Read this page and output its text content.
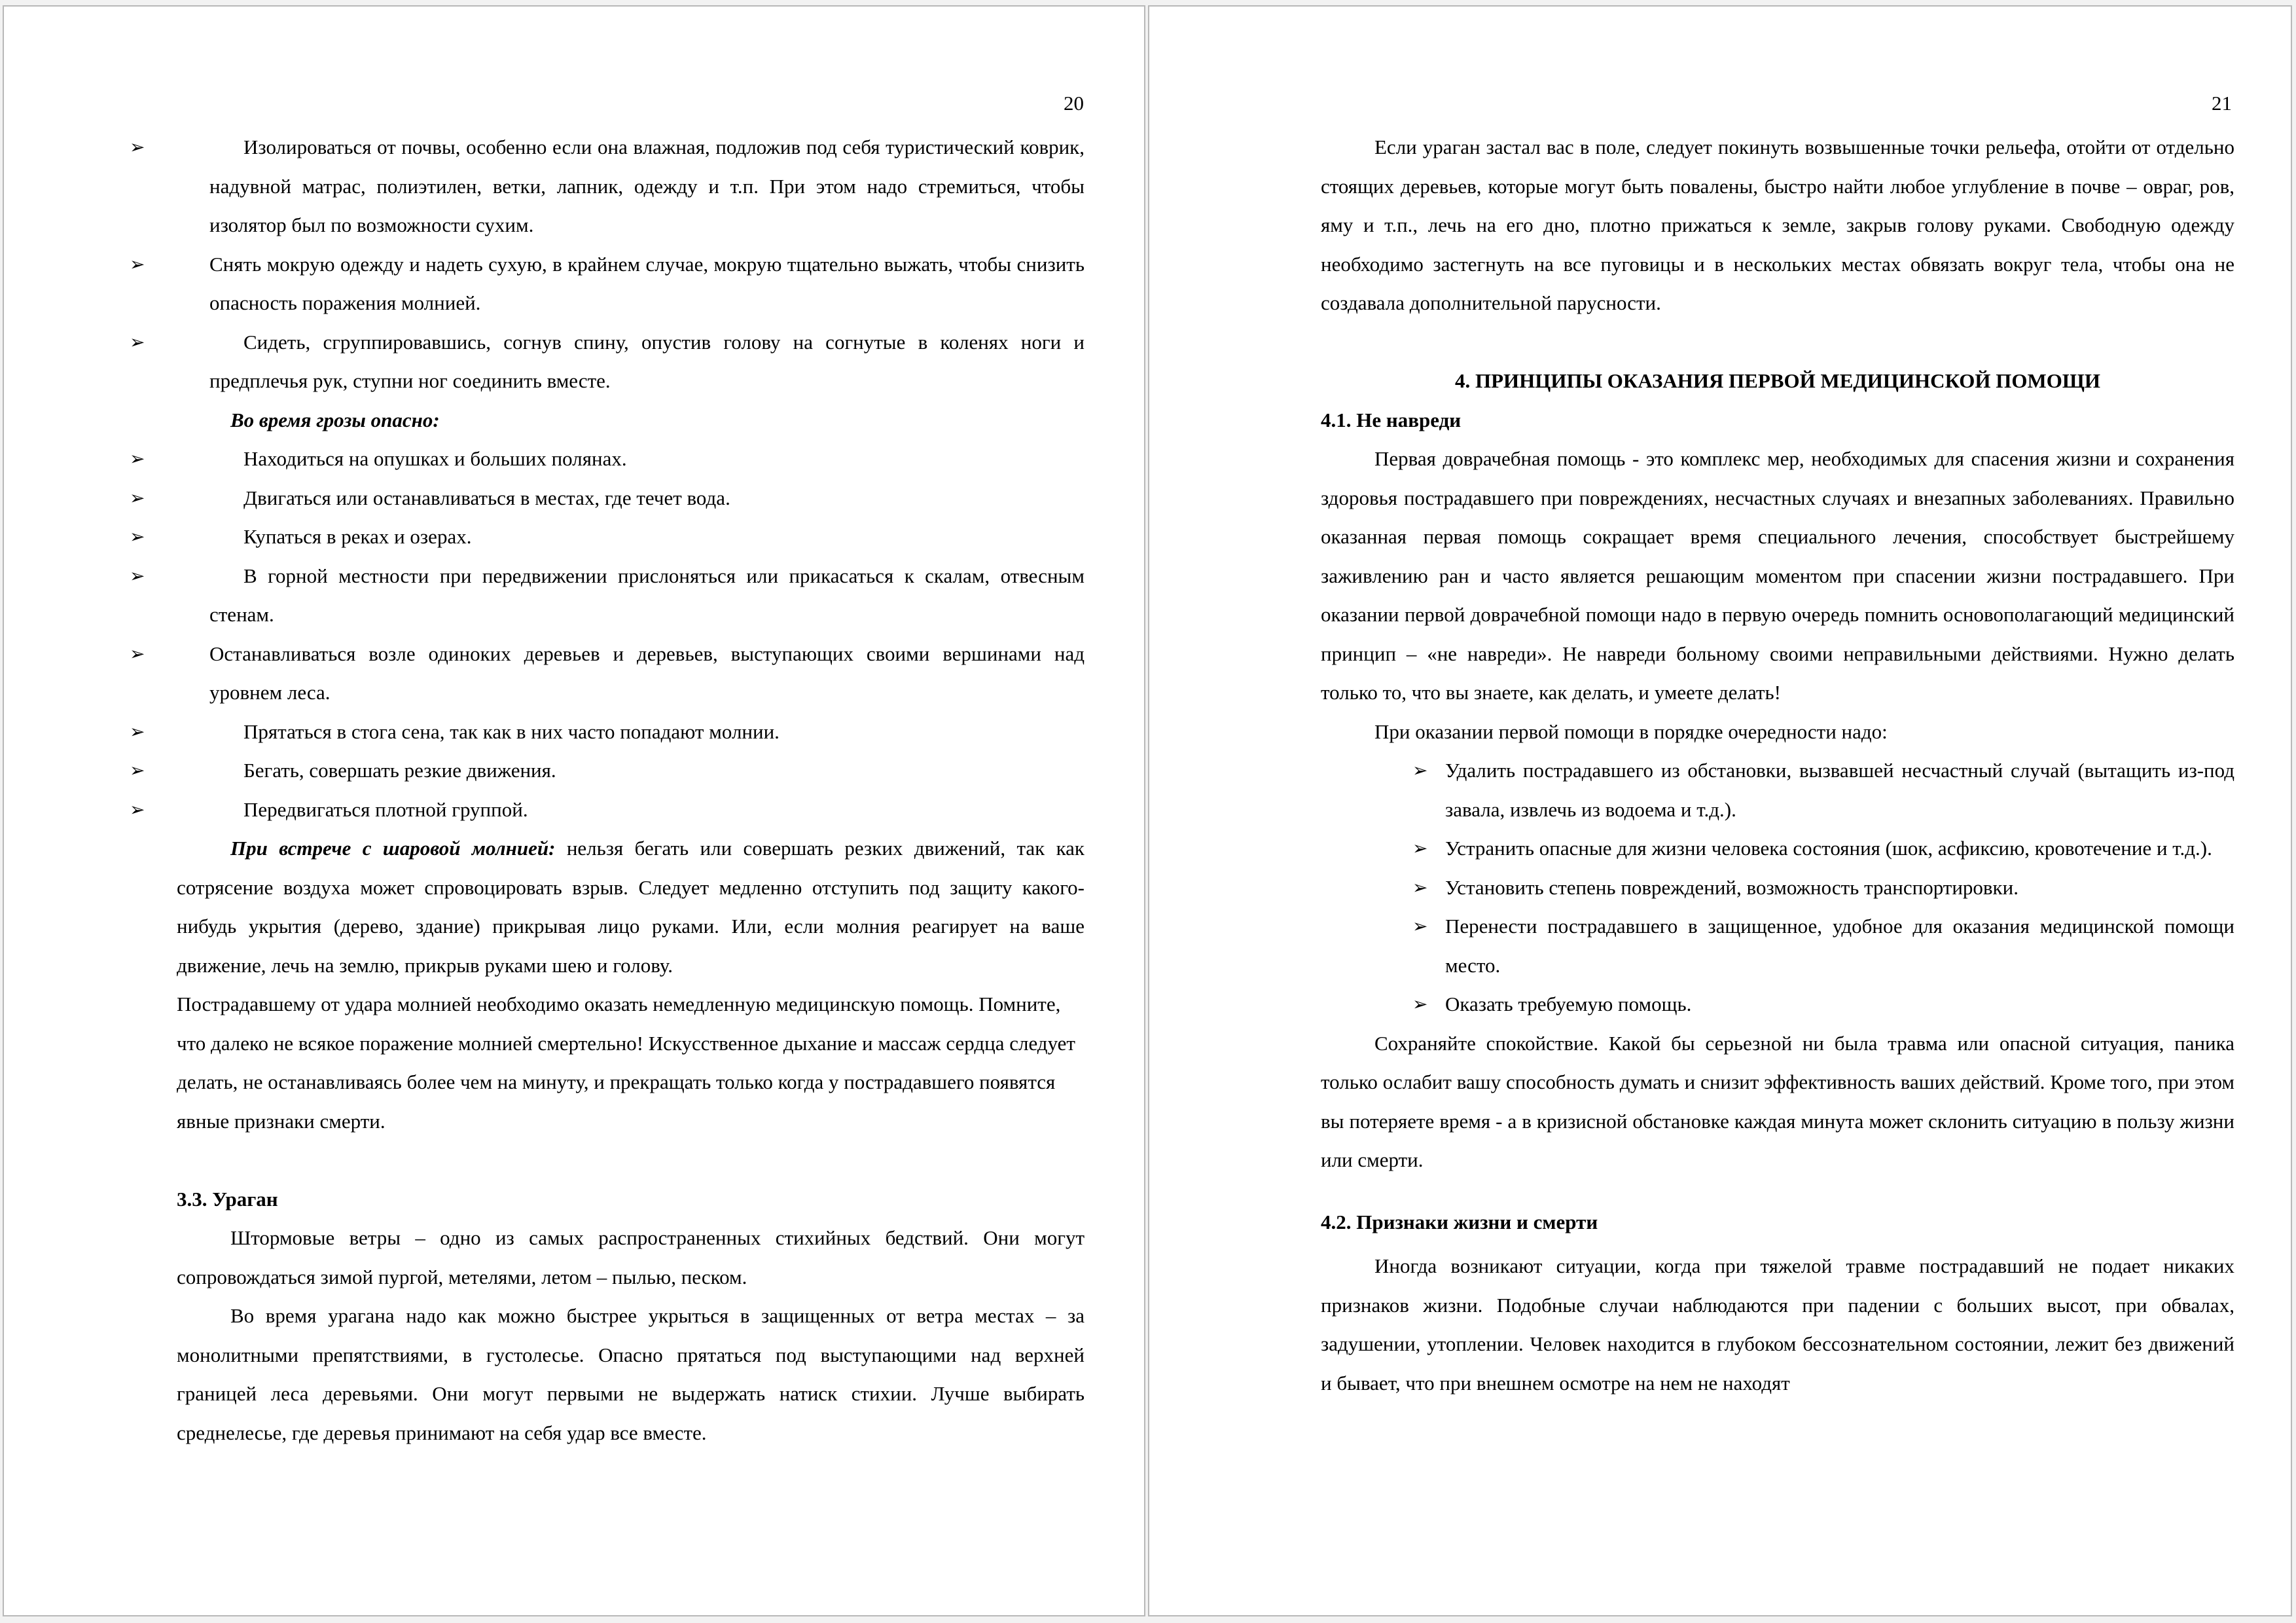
20

➢	Изолироваться от почвы, особенно если она влажная, подложив под себя туристический коврик, надувной матрас, полиэтилен, ветки, лапник, одежду и т.п. При этом надо стремиться, чтобы изолятор был по возможности сухим.

➢	Снять мокрую одежду и надеть сухую, в крайнем случае, мокрую тщательно выжать, чтобы снизить опасность поражения молнией.

➢	Сидеть, сгруппировавшись, согнув спину, опустив голову на согнутые в коленях ноги и предплечья рук, ступни ног соединить вместе.

Во время грозы опасно:

➢	Находиться на опушках и больших полянах.

➢	Двигаться или останавливаться в местах, где течет вода.

➢	Купаться в реках и озерах.

➢	В горной местности при передвижении прислоняться или прикасаться к скалам, отвесным стенам.

➢	Останавливаться возле одиноких деревьев и деревьев, выступающих своими вершинами над уровнем леса.

➢	Прятаться в стога сена, так как в них часто попадают молнии.

➢	Бегать, совершать резкие движения.

➢	Передвигаться плотной группой.

При встрече с шаровой молнией: нельзя бегать или совершать резких движений, так как сотрясение воздуха может спровоцировать взрыв. Следует медленно отступить под защиту какого-нибудь укрытия (дерево, здание) прикрывая лицо руками. Или, если молния реагирует на ваше движение, лечь на землю, прикрыв руками шею и голову.

Пострадавшему от удара молнией необходимо оказать немедленную медицинскую помощь. Помните, что далеко не всякое поражение молнией смертельно! Искусственное дыхание и массаж сердца следует делать, не останавливаясь более чем на минуту, и прекращать только когда у пострадавшего появятся явные признаки смерти.

3.3. Ураган

Штормовые ветры – одно из самых распространенных стихийных бедствий. Они могут сопровождаться зимой пургой, метелями, летом – пылью, песком.

Во время урагана надо как можно быстрее укрыться в защищенных от ветра местах – за монолитными препятствиями, в густолесье. Опасно прятаться под выступающими над верхней границей леса деревьями. Они могут первыми не выдержать натиск стихии. Лучше выбирать среднелесье, где деревья принимают на себя удар все вместе.

21

Если ураган застал вас в поле, следует покинуть возвышенные точки рельефа, отойти от отдельно стоящих деревьев, которые могут быть повалены, быстро найти любое углубление в почве – овраг, ров, яму и т.п., лечь на его дно, плотно прижаться к земле, закрыв голову руками. Свободную одежду необходимо застегнуть на все пуговицы и в нескольких местах обвязать вокруг тела, чтобы она не создавала дополнительной парусности.

4. ПРИНЦИПЫ ОКАЗАНИЯ ПЕРВОЙ МЕДИЦИНСКОЙ ПОМОЩИ

4.1. Не навреди

Первая доврачебная помощь - это комплекс мер, необходимых для спасения жизни и сохранения здоровья пострадавшего при повреждениях, несчастных случаях и внезапных заболеваниях. Правильно оказанная первая помощь сокращает время специального лечения, способствует быстрейшему заживлению ран и часто является решающим моментом при спасении жизни пострадавшего. При оказании первой доврачебной помощи надо в первую очередь помнить основополагающий медицинский принцип – «не навреди». Не навреди больному своими неправильными действиями. Нужно делать только то, что вы знаете, как делать, и умеете делать!

При оказании первой помощи в порядке очередности надо:

➢ Удалить пострадавшего из обстановки, вызвавшей несчастный случай (вытащить из-под завала, извлечь из водоема и т.д.).

➢ Устранить опасные для жизни человека состояния (шок, асфиксию, кровотечение и т.д.).

➢ Установить степень повреждений, возможность транспортировки.

➢ Перенести пострадавшего в защищенное, удобное для оказания медицинской помощи место.

➢ Оказать требуемую помощь.

Сохраняйте спокойствие. Какой бы серьезной ни была травма или опасной ситуация, паника только ослабит вашу способность думать и снизит эффективность ваших действий. Кроме того, при этом вы потеряете время - а в кризисной обстановке каждая минута может склонить ситуацию в пользу жизни или смерти.

4.2. Признаки жизни и смерти

Иногда возникают ситуации, когда при тяжелой травме пострадавший не подает никаких признаков жизни. Подобные случаи наблюдаются при падении с больших высот, при обвалах, задушении, утоплении. Человек находится в глубоком бессознательном состоянии, лежит без движений и бывает, что при внешнем осмотре на нем не находят
